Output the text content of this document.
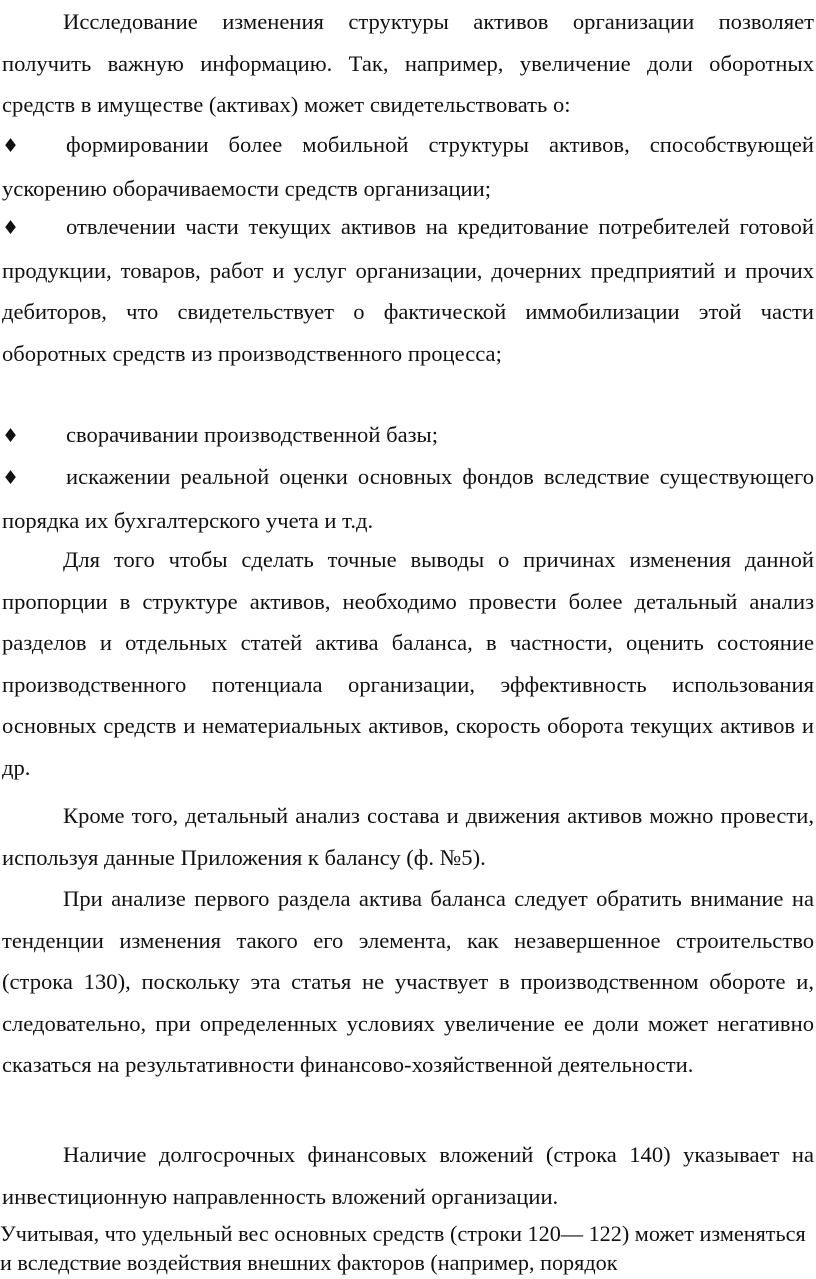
Исследование изменения структуры активов организации позволяет получить важную информацию. Так, например, увеличение доли оборотных средств в имуществе (активах) может свидетельствовать о:

♦ формировании более мобильной структуры активов, способствующей ускорению оборачиваемости средств организации;

♦ отвлечении части текущих активов на кредитование потребителей готовой продукции, товаров, работ и услуг организации, дочерних предприятий и прочих дебиторов, что свидетельствует о фактической иммобилизации этой части оборотных средств из производственного процесса;

♦ сворачивании производственной базы;

♦ искажении реальной оценки основных фондов вследствие существующего порядка их бухгалтерского учета и т.д.

Для того чтобы сделать точные выводы о причинах изменения данной пропорции в структуре активов, необходимо провести более детальный анализ разделов и отдельных статей актива баланса, в частности, оценить состояние производственного потенциала организации, эффективность использования основных средств и нематериальных активов, скорость оборота текущих активов и др.

Кроме того, детальный анализ состава и движения активов можно провести, используя данные Приложения к балансу (ф. №5).

При анализе первого раздела актива баланса следует обратить внимание на тенденции изменения такого его элемента, как незавершенное строительство (строка 130), поскольку эта статья не участвует в производственном обороте и, следовательно, при определенных условиях увеличение ее доли может негативно сказаться на результативности финансово-хозяйственной деятельности.

Наличие долгосрочных финансовых вложений (строка 140) указывает на инвестиционную направленность вложений организации.

Учитывая, что удельный вес основных средств (строки 120— 122) может изменяться и вследствие воздействия внешних факторов (например, порядок
